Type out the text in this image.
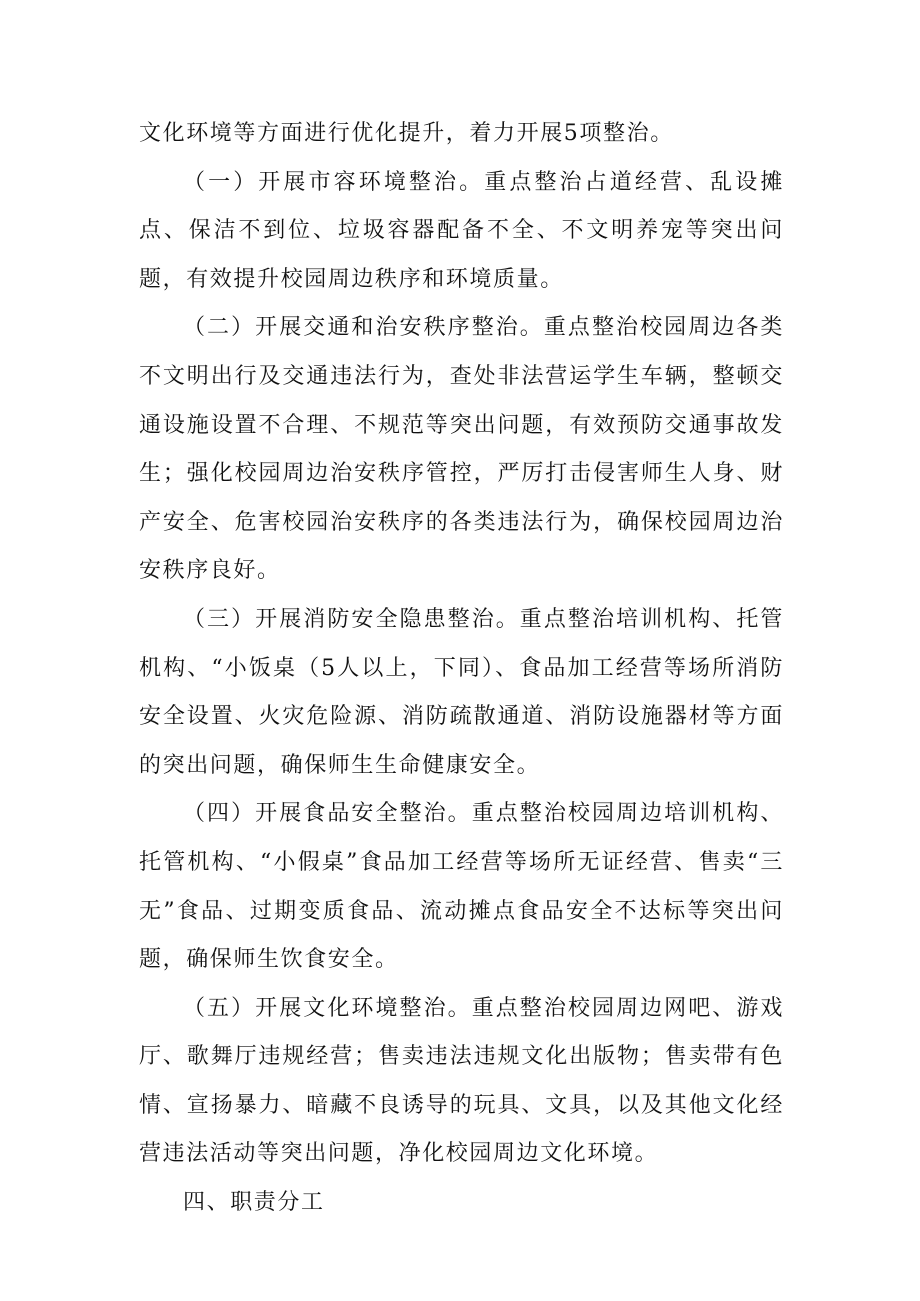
文化环境等方面进行优化提升，着力开展5项整治。

（一）开展市容环境整治。重点整治占道经营、乱设摊点、保洁不到位、垃圾容器配备不全、不文明养宠等突出问题，有效提升校园周边秩序和环境质量。

（二）开展交通和治安秩序整治。重点整治校园周边各类不文明出行及交通违法行为，查处非法营运学生车辆，整顿交通设施设置不合理、不规范等突出问题，有效预防交通事故发生；强化校园周边治安秩序管控，严厉打击侵害师生人身、财产安全、危害校园治安秩序的各类违法行为，确保校园周边治安秩序良好。

（三）开展消防安全隐患整治。重点整治培训机构、托管机构、“小饭桌（5人以上，下同）、食品加工经营等场所消防安全设置、火灾危险源、消防疏散通道、消防设施器材等方面的突出问题，确保师生生命健康安全。

（四）开展食品安全整治。重点整治校园周边培训机构、托管机构、“小假桌”食品加工经营等场所无证经营、售卖“三无”食品、过期变质食品、流动摊点食品安全不达标等突出问题，确保师生饮食安全。

（五）开展文化环境整治。重点整治校园周边网吧、游戏厅、歌舞厅违规经营；售卖违法违规文化出版物；售卖带有色情、宣扬暴力、暗藏不良诱导的玩具、文具，以及其他文化经营违法活动等突出问题，净化校园周边文化环境。

四、职责分工
